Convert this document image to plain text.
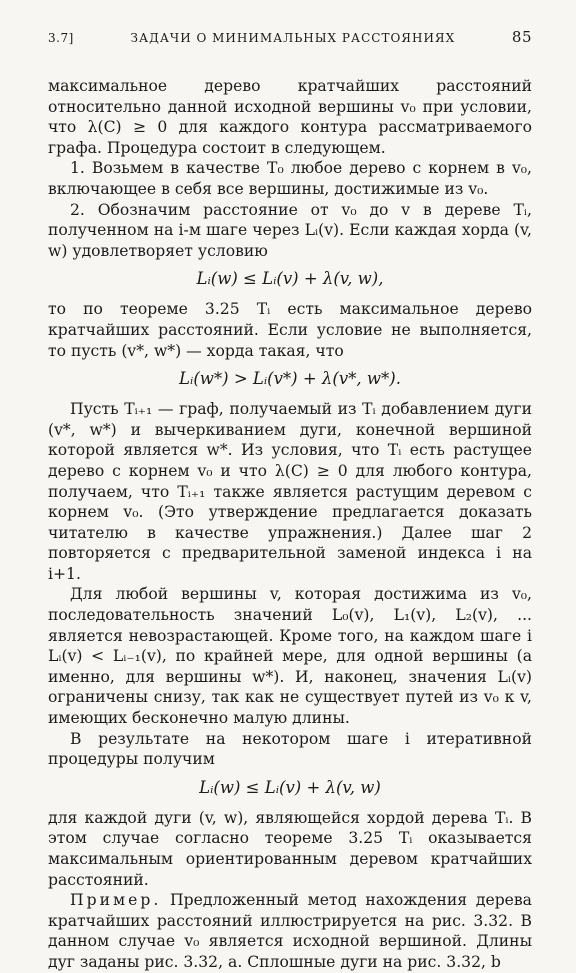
3.7]	ЗАДАЧИ О МИНИМАЛЬНЫХ РАССТОЯНИЯХ	85

максимальное дерево кратчайших расстояний относительно данной исходной вершины v₀ при условии, что λ(C) ≥ 0 для каждого контура рассматриваемого графа. Процедура состоит в следующем.

1. Возьмем в качестве T₀ любое дерево с корнем в v₀, включающее в себя все вершины, достижимые из v₀.

2. Обозначим расстояние от v₀ до v в дереве Tᵢ, полученном на i-м шаге через Lᵢ(v). Если каждая хорда (v, w) удовлетворяет условию

Lᵢ(w) ≤ Lᵢ(v) + λ(v, w),

то по теореме 3.25 Tᵢ есть максимальное дерево кратчайших расстояний. Если условие не выполняется, то пусть (v*, w*) — хорда такая, что

Lᵢ(w*) > Lᵢ(v*) + λ(v*, w*).

Пусть Tᵢ₊₁ — граф, получаемый из Tᵢ добавлением дуги (v*, w*) и вычеркиванием дуги, конечной вершиной которой является w*. Из условия, что Tᵢ есть растущее дерево с корнем v₀ и что λ(C) ≥ 0 для любого контура, получаем, что Tᵢ₊₁ также является растущим деревом с корнем v₀. (Это утверждение предлагается доказать читателю в качестве упражнения.) Далее шаг 2 повторяется с предварительной заменой индекса i на i+1.

Для любой вершины v, которая достижима из v₀, последовательность значений L₀(v), L₁(v), L₂(v), ... является невозрастающей. Кроме того, на каждом шаге i Lᵢ(v) < Lᵢ₋₁(v), по крайней мере, для одной вершины (а именно, для вершины w*). И, наконец, значения Lᵢ(v) ограничены снизу, так как не существует путей из v₀ к v, имеющих бесконечно малую длины.

В результате на некотором шаге i итеративной процедуры получим

Lᵢ(w) ≤ Lᵢ(v) + λ(v, w)

для каждой дуги (v, w), являющейся хордой дерева Tᵢ. В этом случае согласно теореме 3.25 Tᵢ оказывается максимальным ориентированным деревом кратчайших расстояний.

Пример. Предложенный метод нахождения дерева кратчайших расстояний иллюстрируется на рис. 3.32. В данном случае v₀ является исходной вершиной. Длины дуг заданы рис. 3.32, а. Сплошные дуги на рис. 3.32, b
